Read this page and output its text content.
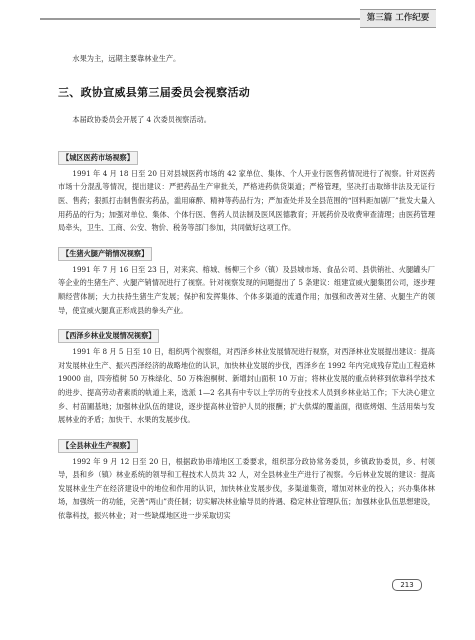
第三篇 工作纪要

水果为主，远期主要靠林业生产。

三、政协宣威县第三届委员会视察活动

本届政协委员会开展了 4 次委员视察活动。

【城区医药市场视察】

1991 年 4 月 18 日至 20 日对县城医药市场的 42 家单位、集体、个人开业行医售药情况进行了视察。针对医药市场十分混乱等情况，提出建议：严把药品生产审批关，严格进药供货渠道；严格管理，坚决打击取缔非法及无证行医、售药；狠抓打击制售假劣药品，滥用麻醉、精神等药品行为；严加查处并及全县范围的“回料距加剧厂”批发大量入用药品的行为；加强对单位、集体、个体行医、售药人员法制及医风医德教育；开展药价及收费审查清理；由医药管理局牵头，卫生、工商、公安、物价、税务等部门参加，共同做好这项工作。

【生猪火腿产销情况视察】

1991 年 7 月 16 日至 23 日，对来宾、榕城、杨柳三个乡（镇）及县城市场、食品公司、县供销社、火腿罐头厂等企业的生猪生产、火腿产销情况进行了视察。针对视察发现的问题提出了 5 条建议：组建宣威火腿集团公司，逐步理顺经营体制；大力扶持生猪生产发展；保护和发挥集体、个体多渠道的流通作用；加强和改善对生猪、火腿生产的领导，使宣威火腿真正形成县的拳头产业。

【西泽乡林业发展情况视察】

1991 年 8 月 5 日至 10 日，组织两个视察组，对西泽乡林业发展情况进行视察，对西泽林业发展提出建议：提高对发展林业生产、振兴西泽经济的战略地位的认识，加快林业发展的步伐，西泽乡在 1992 年内完成残存荒山工程造林 19000 亩，四旁植树 50 万株绿化、50 万株泡桐树、新增封山面积 10 万亩；将林业发展的重点转移到依靠科学技术的进步、提高劳动者素质的轨道上来，选派 1—2 名具有中专以上学历的专业技术人员到乡林业站工作；下大决心建立乡、村苗圃基地；加强林业队伍的建设，逐步提高林业管护人员的报酬；扩大供煤的覆盖面，彻底烤烟、生活用柴与发展林业的矛盾；加快干、水果的发展步伐。

【全县林业生产视察】

1992 年 9 月 12 日至 20 日，根据政协串靖地区工委要求，组织部分政协常务委员，乡镇政协委员，乡、村领导，县和乡（镇）林业系统的领导和工程技术人员共 32 人，对全县林业生产进行了视察。今后林业发展的建议：提高发展林业生产在经济建设中的地位和作用的认识，加快林业发展步伐，多渠道集资，增加对林业的投入；兴办集体林场，加强统一的功能，完善“两山”责任制；切实解决林业输导员的待遇、稳定林业管理队伍；加强林业队伍思想建设，依靠科技，振兴林业；对一些缺煤地区进一步采取切实

213
